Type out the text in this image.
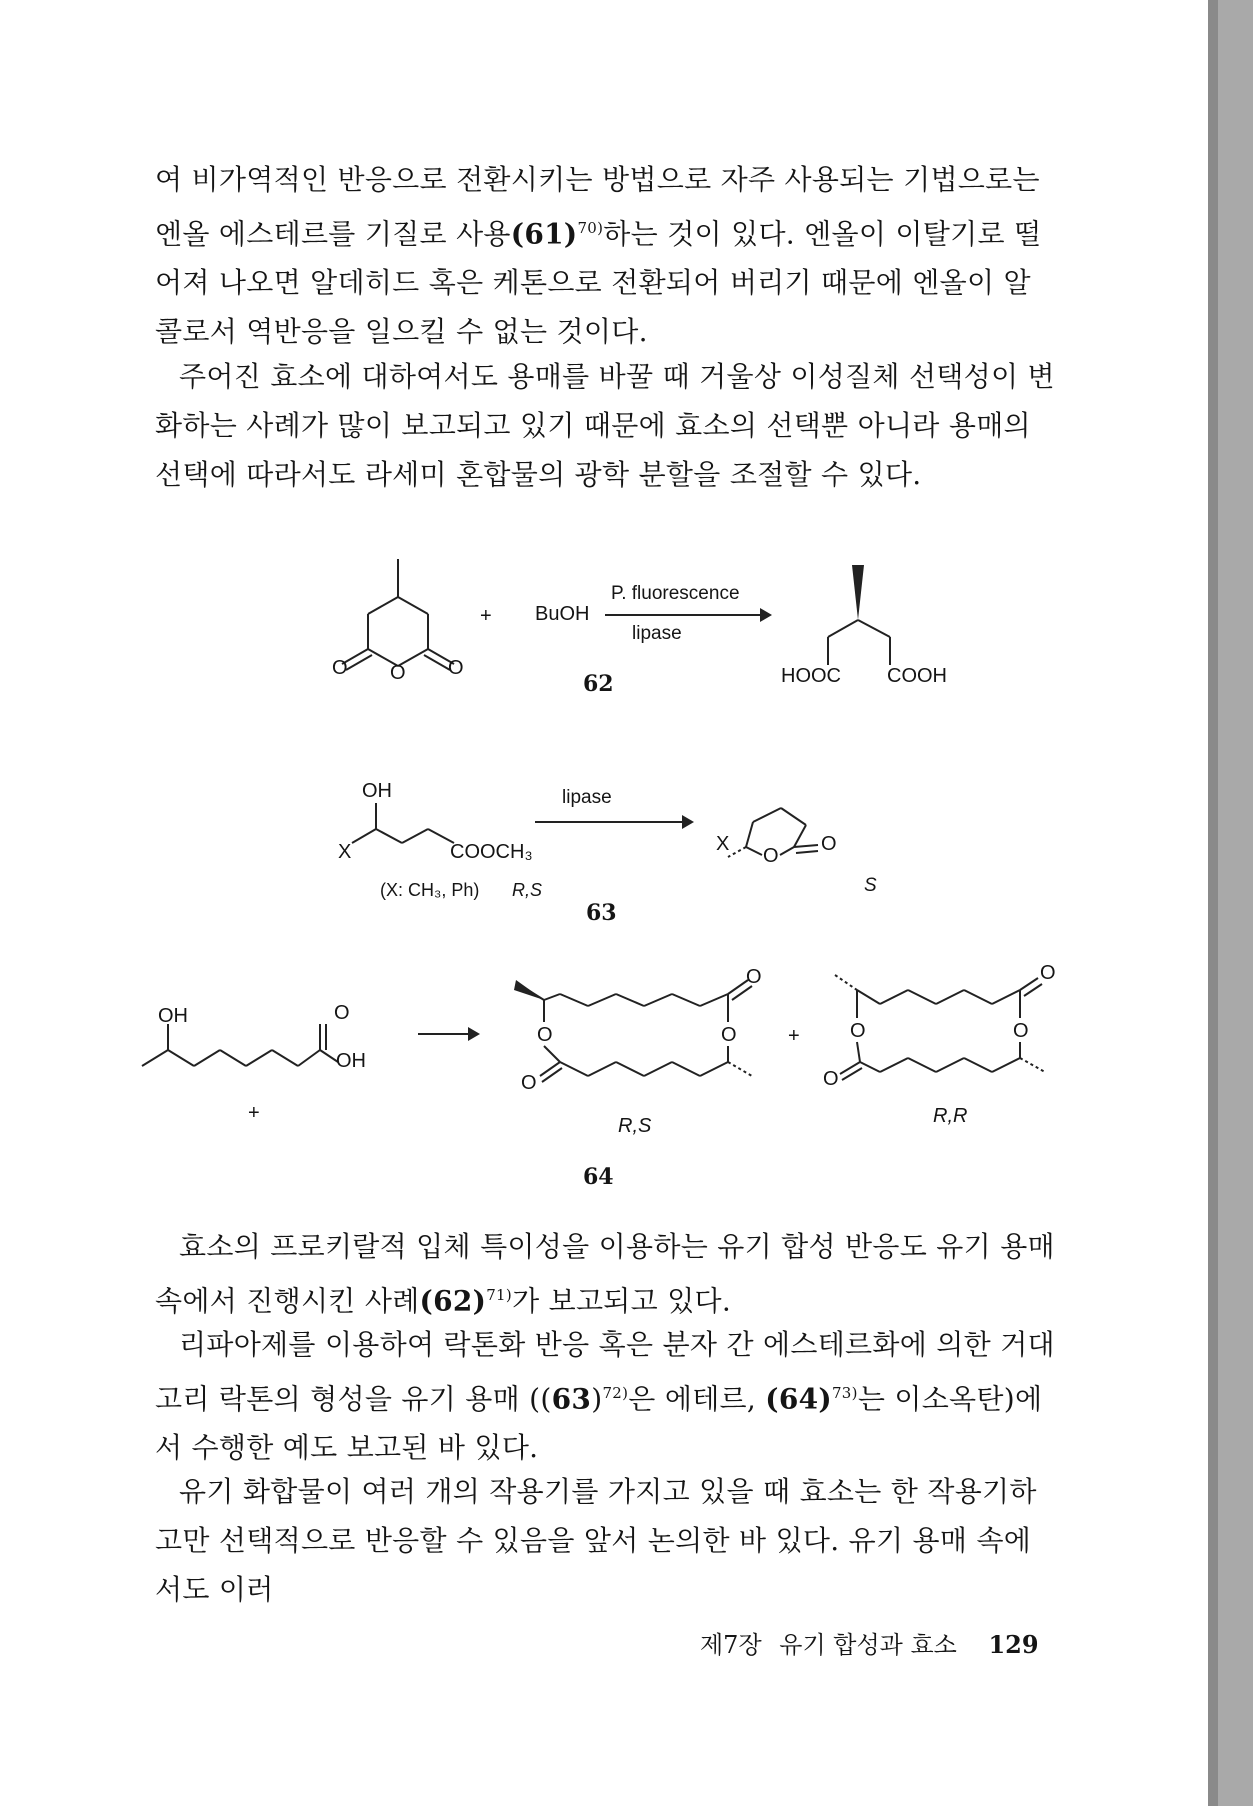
여 비가역적인 반응으로 전환시키는 방법으로 자주 사용되는 기법으로는 엔올 에스테르를 기질로 사용$(61)^{70)}$하는 것이 있다. 엔올이 이탈기로 떨어져 나오면 알데히드 혹은 케톤으로 전환되어 버리기 때문에 엔올이 알콜로서 역반응을 일으킬 수 없는 것이다.

주어진 효소에 대하여서도 용매를 바꿀 때 거울상 이성질체 선택성이 변화하는 사례가 많이 보고되고 있기 때문에 효소의 선택뿐 아니라 용매의 선택에 따라서도 라세미 혼합물의 광학 분할을 조절할 수 있다.

O O O
+ BuOH
P. fluorescence
lipase
HOOC COOH
62
OH
X	COOCH₃
(X: CH₃, Ph) R,S
lipase
X
O
O
S
63
OH	O
OH
+
O	O
O
O
+	O	O
O
O
R,S	R,R
64

효소의 프로키랄적 입체 특이성을 이용하는 유기 합성 반응도 유기 용매 속에서 진행시킨 사례$(62)^{71)}$가 보고되고 있다.

리파아제를 이용하여 락톤화 반응 혹은 분자 간 에스테르화에 의한 거대 고리 락톤의 형성을 유기 용매 ($(63)^{72)}$은 에테르, $(64)^{73)}$는 이소옥탄)에서 수행한 예도 보고된 바 있다.

유기 화합물이 여러 개의 작용기를 가지고 있을 때 효소는 한 작용기하고만 선택적으로 반응할 수 있음을 앞서 논의한 바 있다. 유기 용매 속에서도 이러

제7장 유기 합성과 효소 129
